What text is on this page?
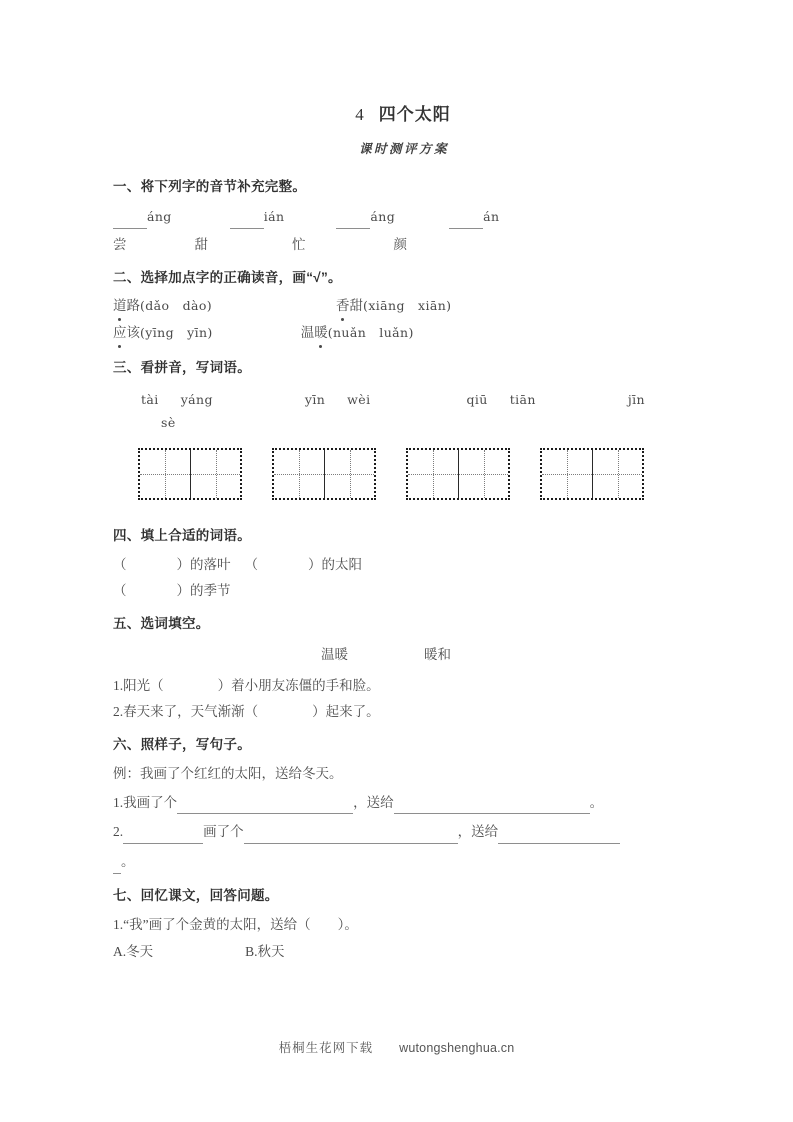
4 四个太阳
课时测评方案
一、将下列字的音节补充完整。
áng	ián	áng	án
尝	甜	忙	颜
二、选择加点字的正确读音，画“√”。
道路(dǎo   dào)	香甜(xiāng   xiān)
应该(yīng   yīn)	温暖(nuǎn   luǎn)
三、看拼音，写词语。
tài yáng	yīn wèi	qiū tiān	jīn
sè
四、填上合适的词语。
（	）的落叶 （	）的太阳
（	）的季节
五、选词填空。
温暖	暖和
1.阳光（　　　　）着小朋友冻僵的手和脸。
2.春天来了，天气渐渐（　　　　）起来了。
六、照样子，写句子。
例：我画了个红红的太阳，送给冬天。
1.我画了个	，送给	。
2.	画了个	，送给
。
七、回忆课文，回答问题。
1.“我”画了个金黄的太阳，送给（　　）。
A.冬天	B.秋天
梧桐生花网下载 wutongshenghua.cn
